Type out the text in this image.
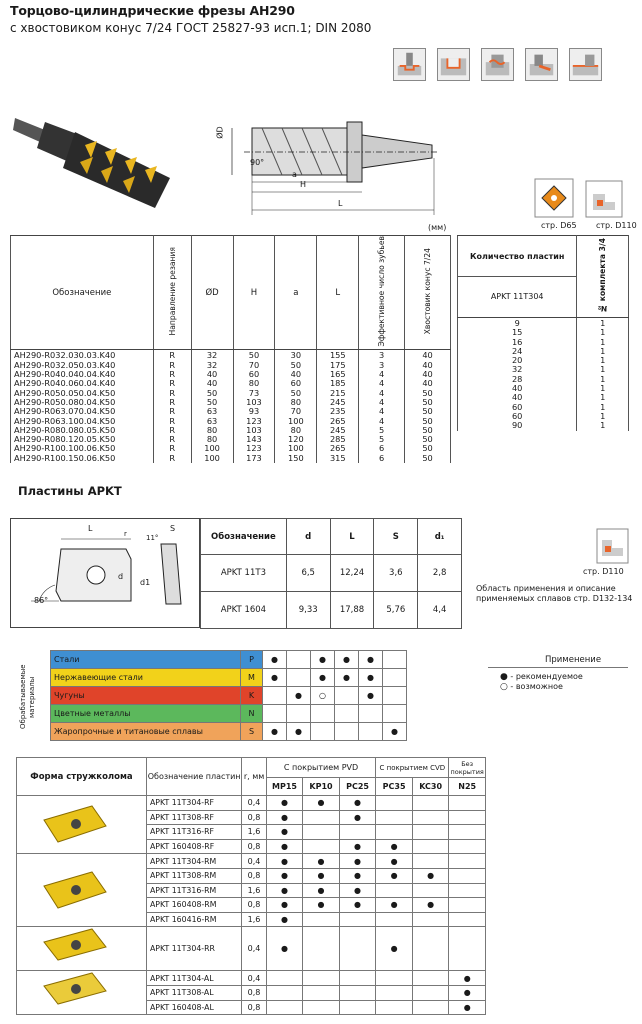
Торцово-цилиндрические фрезы AH290
с хвостовиком конус 7/24 ГОСТ 25827-93 исп.1; DIN 2080
ØD
90°
a
H
L
(мм)	стр. D65 стр. D110
Обозначение	Направление резания	ØD	H	a	L	Эффективное число зубьев	Хвостовик конус 7/24
AH290-R032.030.03.K40	R	32	50	30	155	3	40
AH290-R032.050.03.K40	R	32	70	50	175	3	40
AH290-R040.040.04.K40	R	40	60	40	165	4	40
AH290-R040.060.04.K40	R	40	80	60	185	4	40
AH290-R050.050.04.K50	R	50	73	50	215	4	50
AH290-R050.080.04.K50	R	50	103	80	245	4	50
AH290-R063.070.04.K50	R	63	93	70	235	4	50
AH290-R063.100.04.K50	R	63	123	100	265	4	50
AH290-R080.080.05.K50	R	80	103	80	245	5	50
AH290-R080.120.05.K50	R	80	143	120	285	5	50
AH290-R100.100.06.K50	R	100	123	100	265	6	50
AH290-R100.150.06.K50	R	100	173	150	315	6	50
Количество пластин
APKT 11T304	№ комплекта 3/4
9	1
15	1
16	1
24	1
20	1
32	1
28	1
40	1
40	1
60	1
60	1
90	1
Пластины APKT
L
d
S
d1
r	11°
86°
Обозначение	d	L	S	d₁
APKT 11T3	6,5	12,24	3,6	2,8
APKT 1604	9,33	17,88	5,76	4,4
стр. D110
Область применения и описание применяемых сплавов стр. D132-134
Обрабатываемые материалы
Стали	P	●		●	●	●	
Нержавеющие стали	M	●		●	●	●	
Чугуны	K		●	○		●	
Цветные металлы	N						
Жаропрочные и титановые сплавы	S	●	●				●
Применение
● - рекомендуемое
○ - возможное
Форма стружколома	Обозначение пластин	r, мм	С покрытием PVD			С покрытием CVD		Без покрытия
			MP15	KP10	PC25	PC35	KC30	N25
	APKT 11T304-RF	0,4	●	●	●			
	APKT 11T308-RF	0,8	●		●			
	APKT 11T316-RF	1,6	●					
	APKT 160408-RF	0,8	●		●	●		
	APKT 11T304-RM	0,4	●	●	●	●		
	APKT 11T308-RM	0,8	●	●	●	●	●	
	APKT 11T316-RM	1,6	●	●	●			
	APKT 160408-RM	0,8	●	●	●	●	●	
	APKT 160416-RM	1,6	●					
	APKT 11T304-RR	0,4	●			●		
	APKT 11T304-AL	0,4						●
	APKT 11T308-AL	0,8						●
	APKT 160408-AL	0,8						●
